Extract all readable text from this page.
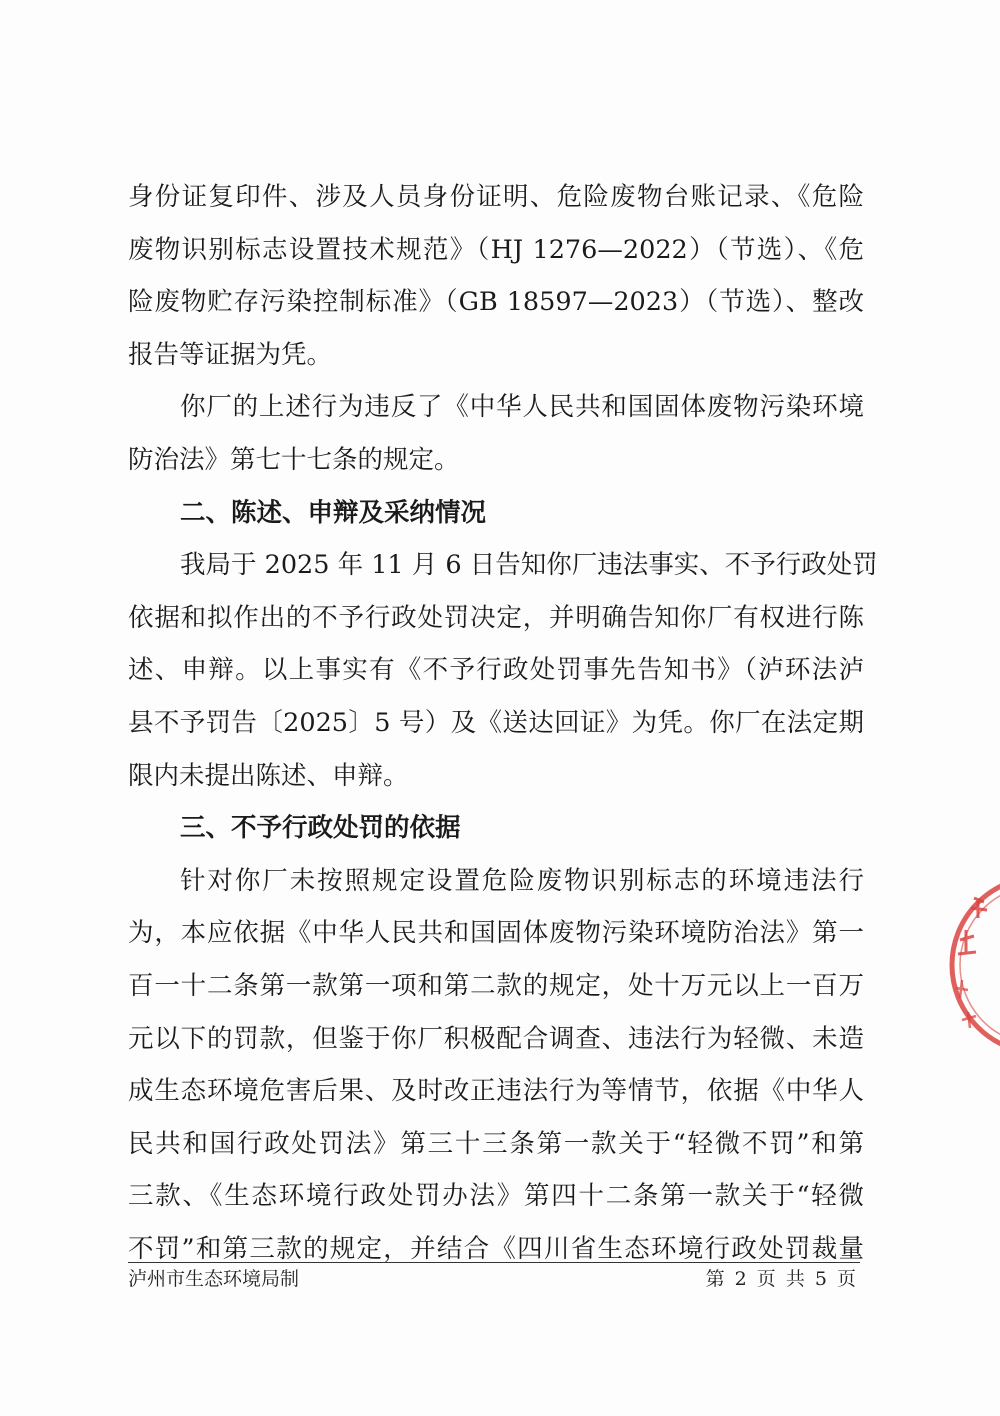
身份证复印件、涉及人员身份证明、危险废物台账记录、《危险
废物识别标志设置技术规范》（HJ 1276—2022）（节选）、《危
险废物贮存污染控制标准》（GB 18597—2023）（节选）、整改
报告等证据为凭。
你厂的上述行为违反了《中华人民共和国固体废物污染环境
防治法》第七十七条的规定。
二、陈述、申辩及采纳情况
我局于 2025 年 11 月 6 日告知你厂违法事实、不予行政处罚
依据和拟作出的不予行政处罚决定，并明确告知你厂有权进行陈
述、申辩。以上事实有《不予行政处罚事先告知书》（泸环法泸
县不予罚告〔2025〕5 号）及《送达回证》为凭。你厂在法定期
限内未提出陈述、申辩。
三、不予行政处罚的依据
针对你厂未按照规定设置危险废物识别标志的环境违法行
为，本应依据《中华人民共和国固体废物污染环境防治法》第一
百一十二条第一款第一项和第二款的规定，处十万元以上一百万
元以下的罚款，但鉴于你厂积极配合调查、违法行为轻微、未造
成生态环境危害后果、及时改正违法行为等情节，依据《中华人
民共和国行政处罚法》第三十三条第一款关于“轻微不罚”和第
三款、《生态环境行政处罚办法》第四十二条第一款关于“轻微
不罚”和第三款的规定，并结合《四川省生态环境行政处罚裁量
泸州市生态环境局制	第 2 页 共 5 页
